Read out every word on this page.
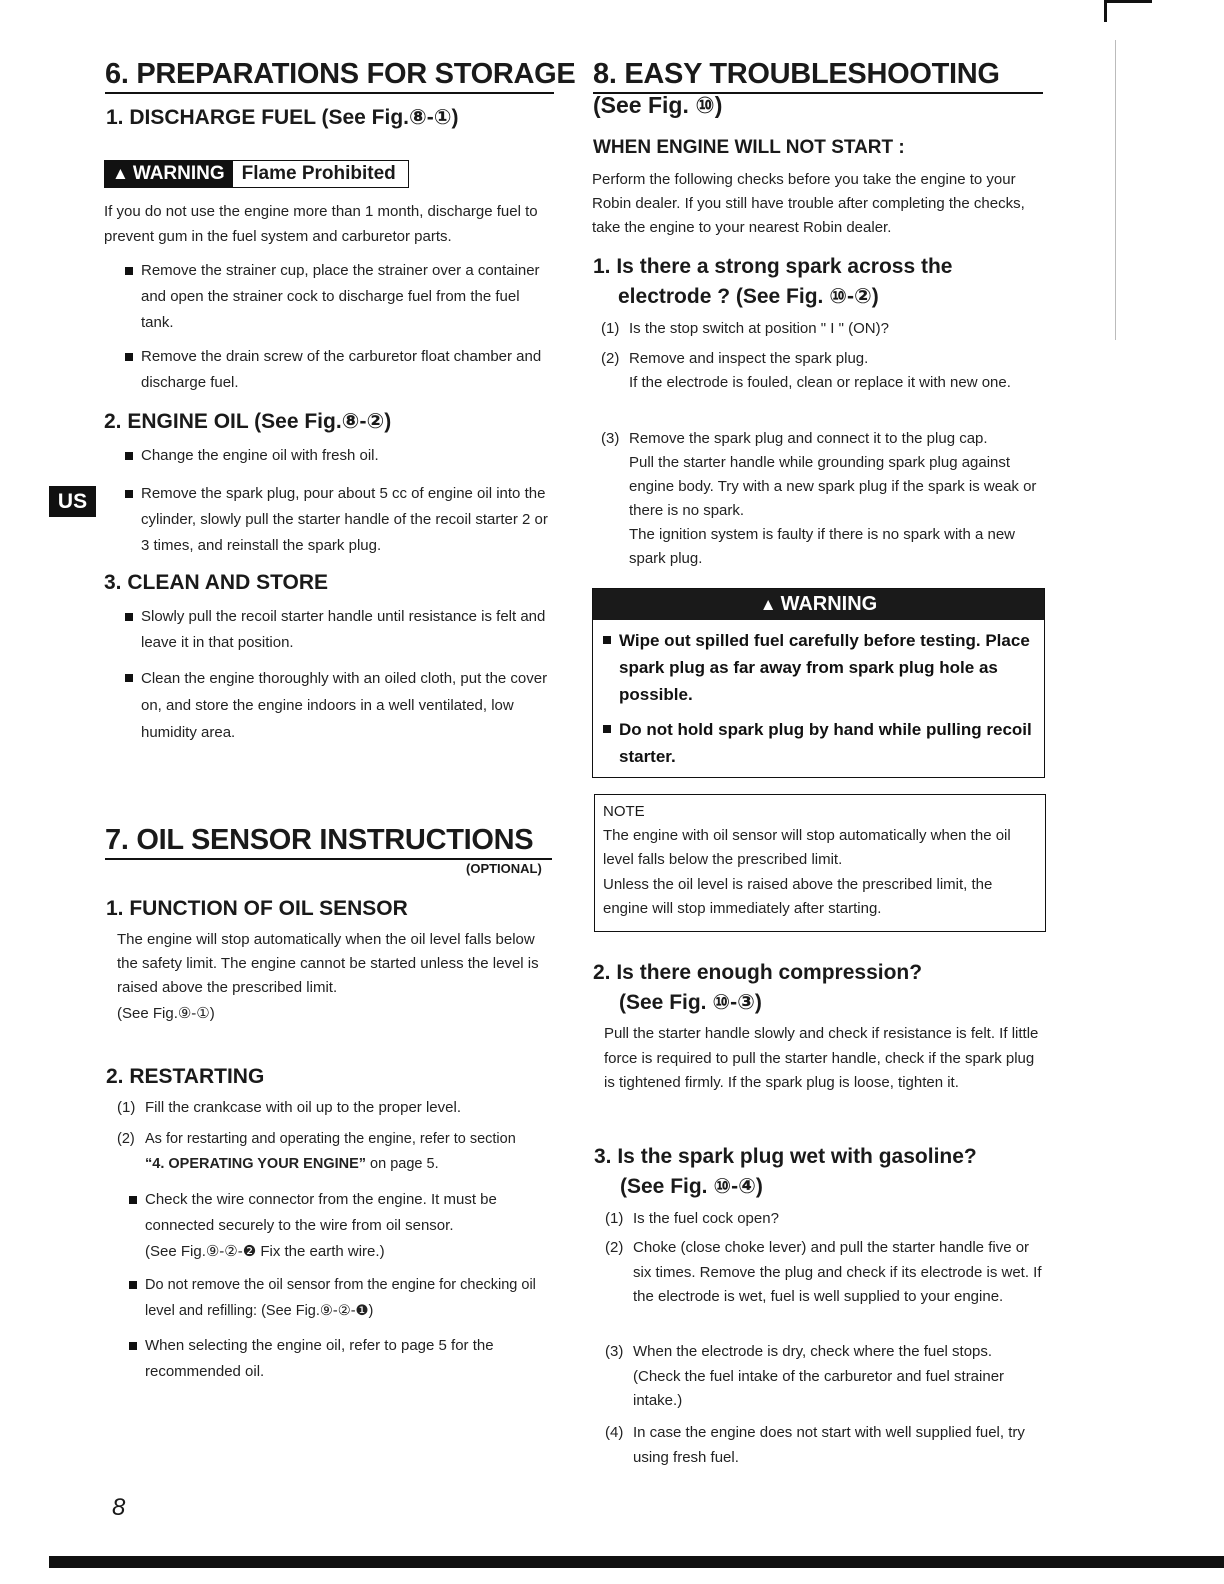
US
6. PREPARATIONS FOR STORAGE
1. DISCHARGE FUEL (See Fig.⑧-①)
▲ WARNING Flame Prohibited
If you do not use the engine more than 1 month, discharge fuel to prevent gum in the fuel system and carburetor parts.
Remove the strainer cup, place the strainer over a container and open the strainer cock to discharge fuel from the fuel tank.
Remove the drain screw of the carburetor float chamber and discharge fuel.
2. ENGINE OIL (See Fig.⑧-②)
Change the engine oil with fresh oil.
Remove the spark plug, pour about 5 cc of engine oil into the cylinder, slowly pull the starter handle of the recoil starter 2 or 3 times, and reinstall the spark plug.
3. CLEAN AND STORE
Slowly pull the recoil starter handle until resistance is felt and leave it in that position.
Clean the engine thoroughly with an oiled cloth, put the cover on, and store the engine indoors in a well ventilated, low humidity area.
7. OIL SENSOR INSTRUCTIONS
(OPTIONAL)
1. FUNCTION OF OIL SENSOR
The engine will stop automatically when the oil level falls below the safety limit. The engine cannot be started unless the level is raised above the prescribed limit.
(See Fig.⑨-①)
2. RESTARTING
(1) Fill the crankcase with oil up to the proper level.
(2) As for restarting and operating the engine, refer to section
“4. OPERATING YOUR ENGINE” on page 5.
Check the wire connector from the engine. It must be connected securely to the wire from oil sensor.
(See Fig.⑨-②-❷ Fix the earth wire.)
Do not remove the oil sensor from the engine for checking oil level and refilling: (See Fig.⑨-②-❶)
When selecting the engine oil, refer to page 5 for the recommended oil.
8. EASY TROUBLESHOOTING
(See Fig. ⑩)
WHEN ENGINE WILL NOT START :
Perform the following checks before you take the engine to your Robin dealer. If you still have trouble after completing the checks, take the engine to your nearest Robin dealer.
1. Is there a strong spark across the
electrode ? (See Fig. ⑩-②)
(1) Is the stop switch at position " I " (ON)?
(2) Remove and inspect the spark plug.
If the electrode is fouled, clean or replace it with new one.
(3) Remove the spark plug and connect it to the plug cap.
Pull the starter handle while grounding spark plug against engine body. Try with a new spark plug if the spark is weak or there is no spark.
The ignition system is faulty if there is no spark with a new spark plug.
▲ WARNING
Wipe out spilled fuel carefully before testing. Place spark plug as far away from spark plug hole as possible.
Do not hold spark plug by hand while pulling recoil starter.
NOTE
The engine with oil sensor will stop automatically when the oil level falls below the prescribed limit.
Unless the oil level is raised above the prescribed limit, the engine will stop immediately after starting.
2. Is there enough compression?
(See Fig. ⑩-③)
Pull the starter handle slowly and check if resistance is felt. If little force is required to pull the starter handle, check if the spark plug is tightened firmly. If the spark plug is loose, tighten it.
3. Is the spark plug wet with gasoline?
(See Fig. ⑩-④)
(1) Is the fuel cock open?
(2) Choke (close choke lever) and pull the starter handle five or six times. Remove the plug and check if its electrode is wet. If the electrode is wet, fuel is well supplied to your engine.
(3) When the electrode is dry, check where the fuel stops.
(Check the fuel intake of the carburetor and fuel strainer intake.)
(4) In case the engine does not start with well supplied fuel, try using fresh fuel.
8
